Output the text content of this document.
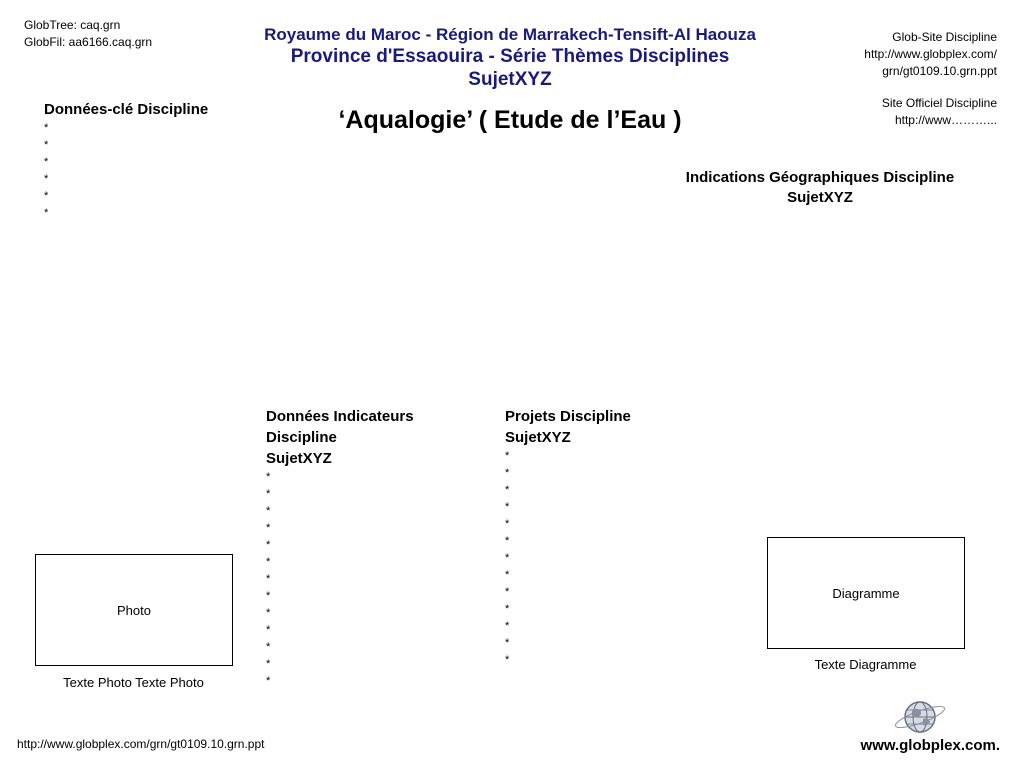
GlobTree: caq.grn
GlobFil: aa6166.caq.grn	Glob-Site Discipline
http://www.globplex.com/
grn/gt0109.10.grn.ppt
Site Officiel Discipline
http://www………...
Royaume du Maroc - Région de Marrakech-Tensift-Al Haouza
Province d'Essaouira - Série Thèmes Disciplines
SujetXYZ
‘Aqualogie’ ( Etude de l’Eau )
Données-clé Discipline
*
*
*
*
*
*
Indications Géographiques Discipline
SujetXYZ
Données Indicateurs
Discipline
SujetXYZ
*
*
*
*
*
*
*
*
*
*
*
*
*
Projets Discipline
SujetXYZ
*
*
*
*
*
*
*
*
*
*
*
*
*
Photo
Texte Photo Texte Photo
Diagramme
Texte Diagramme
http://www.globplex.com/grn/gt0109.10.grn.ppt	www.globplex.com.
